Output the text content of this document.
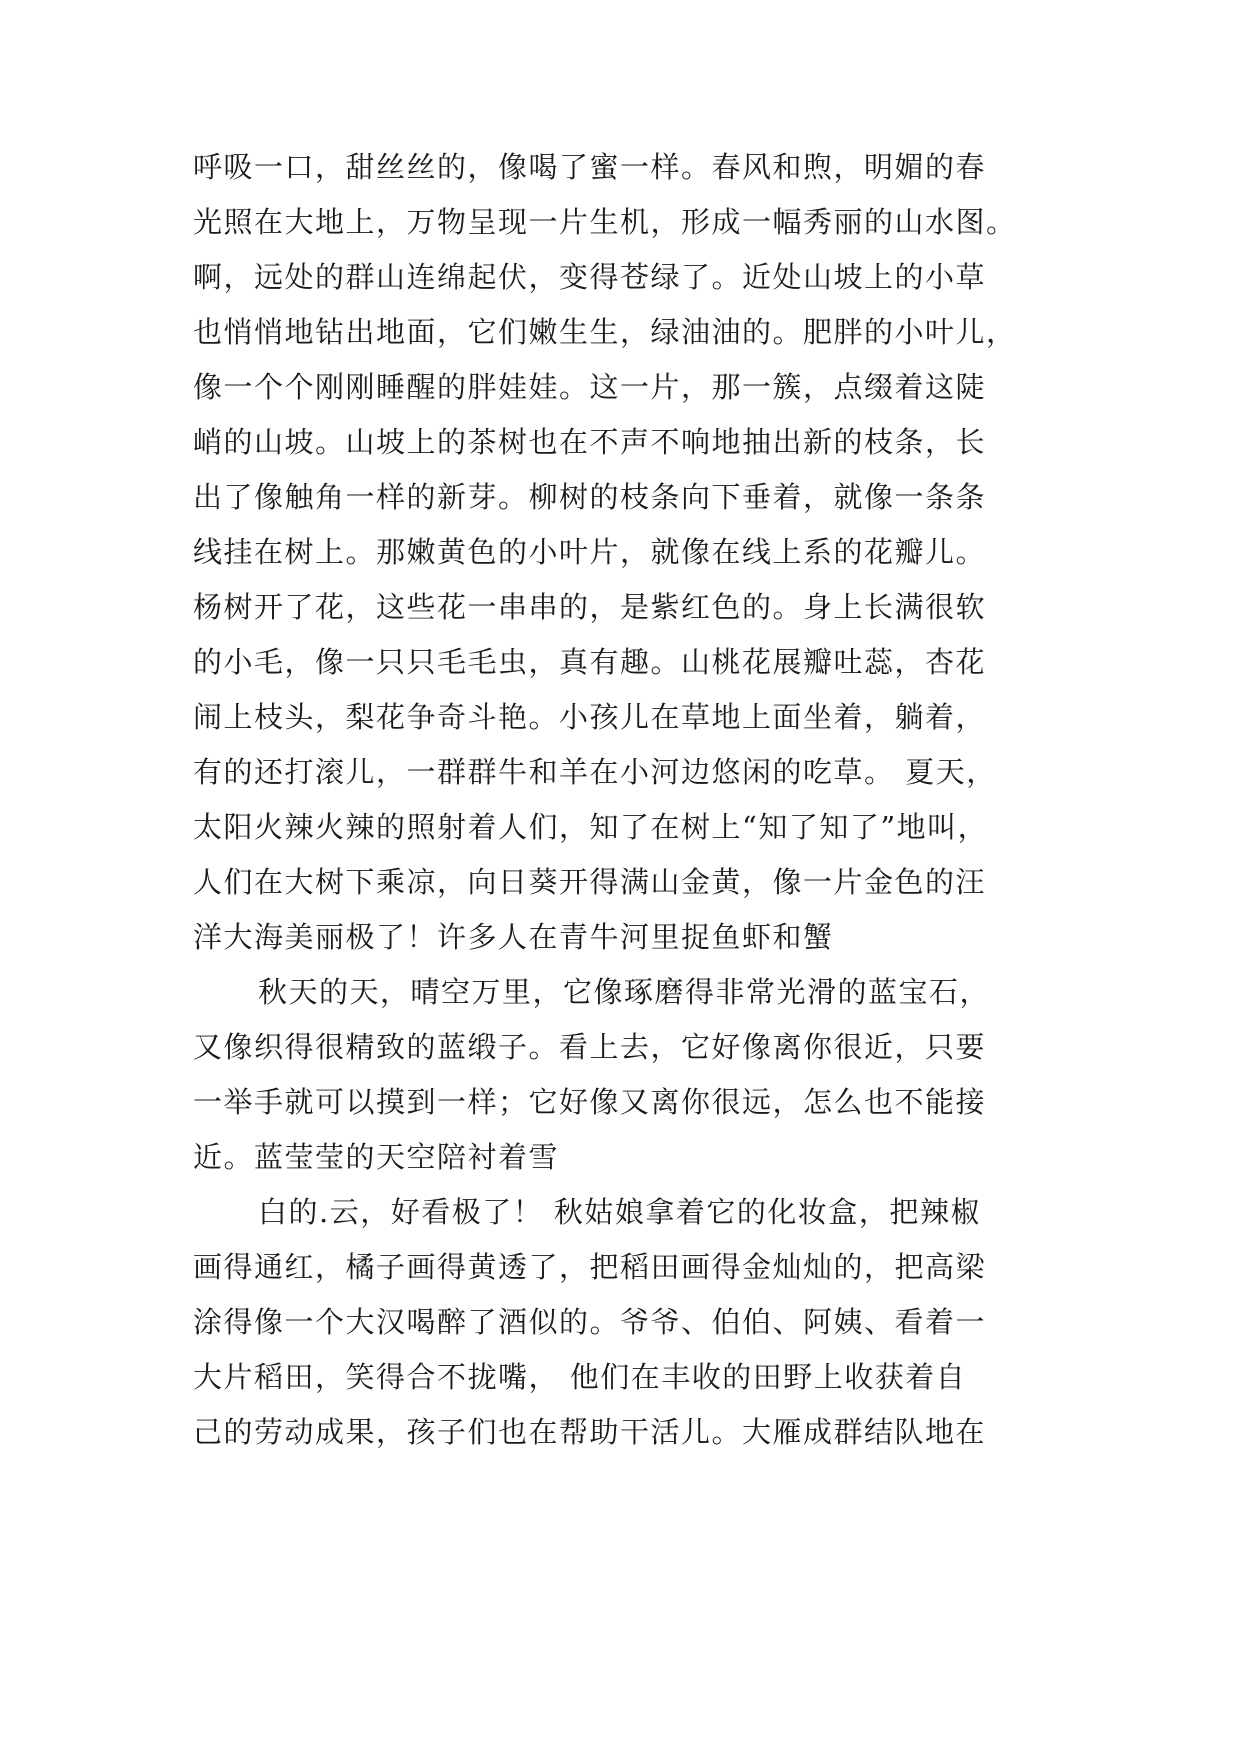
呼吸一口，甜丝丝的，像喝了蜜一样。春风和煦，明媚的春
光照在大地上，万物呈现一片生机，形成一幅秀丽的山水图。
啊，远处的群山连绵起伏，变得苍绿了。近处山坡上的小草
也悄悄地钻出地面，它们嫩生生，绿油油的。肥胖的小叶儿，
像一个个刚刚睡醒的胖娃娃。这一片，那一簇，点缀着这陡
峭的山坡。山坡上的茶树也在不声不响地抽出新的枝条，长
出了像触角一样的新芽。柳树的枝条向下垂着，就像一条条
线挂在树上。那嫩黄色的小叶片，就像在线上系的花瓣儿。
杨树开了花，这些花一串串的，是紫红色的。身上长满很软
的小毛，像一只只毛毛虫，真有趣。山桃花展瓣吐蕊，杏花
闹上枝头，梨花争奇斗艳。小孩儿在草地上面坐着，躺着，
有的还打滚儿，一群群牛和羊在小河边悠闲的吃草。 夏天，
太阳火辣火辣的照射着人们，知了在树上“知了知了”地叫，
人们在大树下乘凉，向日葵开得满山金黄，像一片金色的汪
洋大海美丽极了！许多人在青牛河里捉鱼虾和蟹
秋天的天，晴空万里，它像琢磨得非常光滑的蓝宝石，
又像织得很精致的蓝缎子。看上去，它好像离你很近，只要
一举手就可以摸到一样；它好像又离你很远，怎么也不能接
近。蓝莹莹的天空陪衬着雪
白的.云，好看极了！ 秋姑娘拿着它的化妆盒，把辣椒
画得通红，橘子画得黄透了，把稻田画得金灿灿的，把高梁
涂得像一个大汉喝醉了酒似的。爷爷、伯伯、阿姨、看着一
大片稻田，笑得合不拢嘴， 他们在丰收的田野上收获着自
己的劳动成果，孩子们也在帮助干活儿。大雁成群结队地在
